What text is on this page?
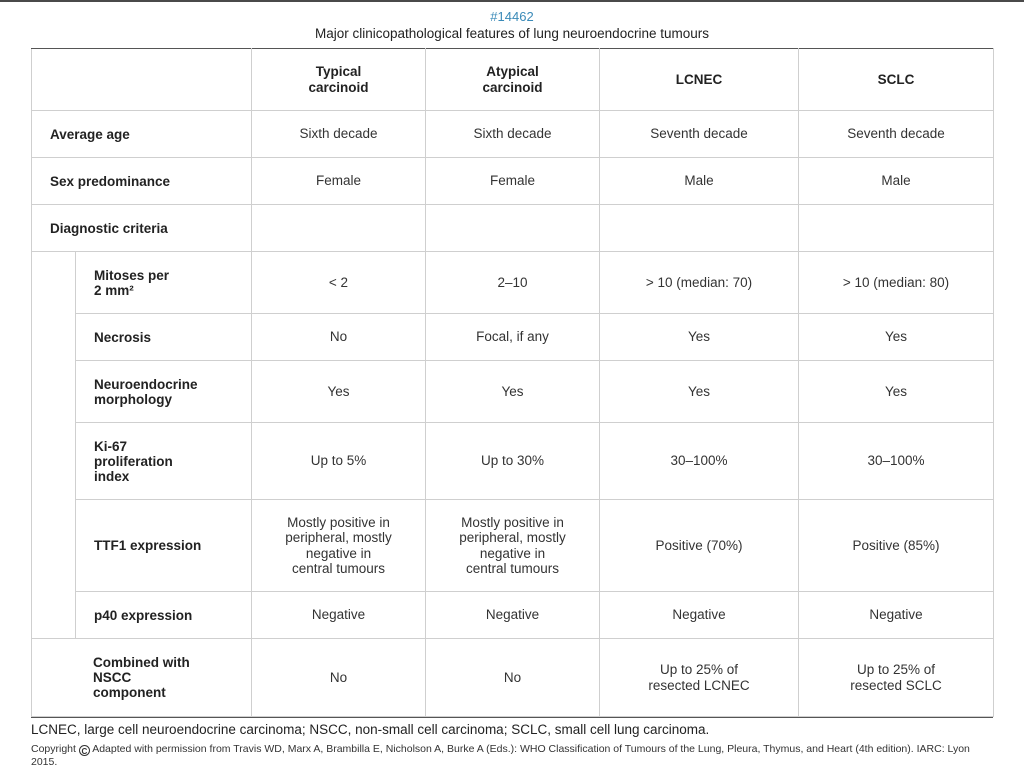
#14462
Major clinicopathological features of lung neuroendocrine tumours
		Typical
carcinoid	Atypical
carcinoid	LCNEC	SCLC
Average age		Sixth decade	Sixth decade	Seventh decade	Seventh decade
Sex predominance		Female	Female	Male	Male
Diagnostic criteria					
	Mitoses per
2 mm²	< 2	2–10	> 10 (median: 70)	> 10 (median: 80)
	Necrosis	No	Focal, if any	Yes	Yes
	Neuroendocrine
morphology	Yes	Yes	Yes	Yes
	Ki-67
proliferation
index	Up to 5%	Up to 30%	30–100%	30–100%
	TTF1 expression	Mostly positive in
peripheral, mostly
negative in
central tumours	Mostly positive in
peripheral, mostly
negative in
central tumours	Positive (70%)	Positive (85%)
	p40 expression	Negative	Negative	Negative	Negative
Combined with
NSCC
component		No	No	Up to 25% of
resected LCNEC	Up to 25% of
resected SCLC
LCNEC, large cell neuroendocrine carcinoma; NSCC, non-small cell carcinoma; SCLC, small cell lung carcinoma.
Copyright C Adapted with permission from Travis WD, Marx A, Brambilla E, Nicholson A, Burke A (Eds.): WHO Classification of Tumours of the Lung, Pleura, Thymus, and Heart (4th edition). IARC: Lyon 2015.
